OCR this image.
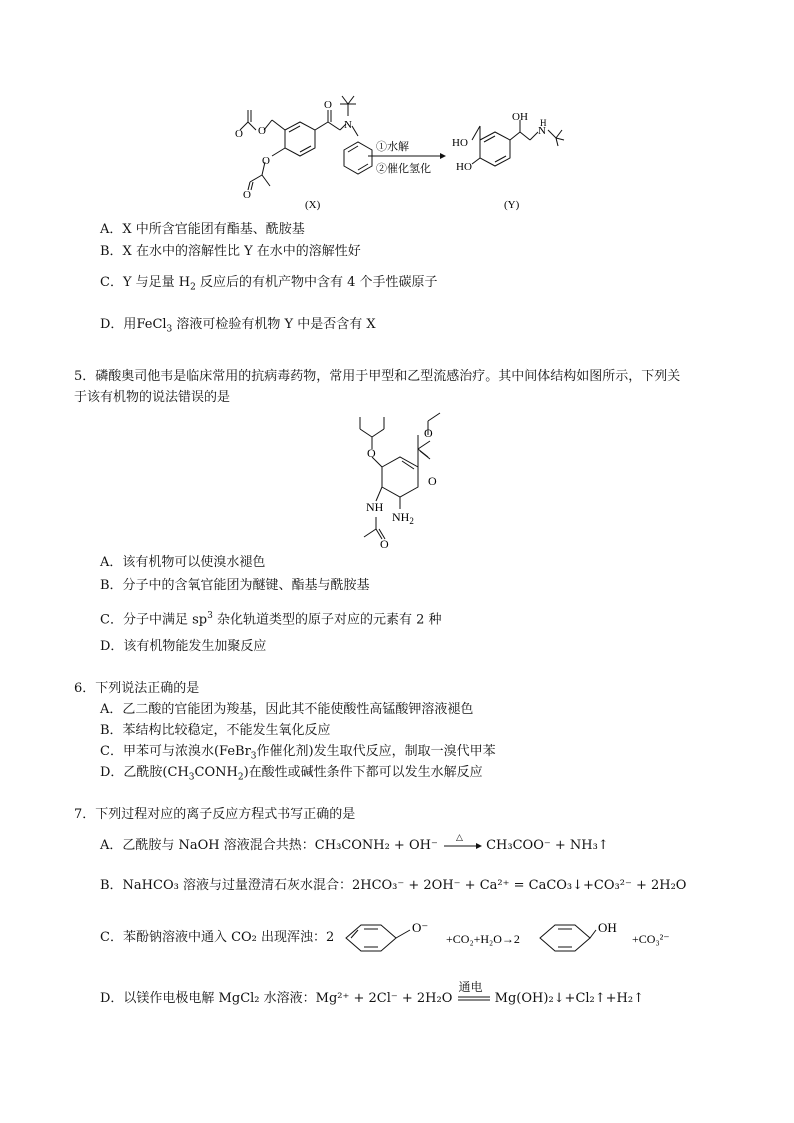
O
O
O
O
O
N
①水解
②催化氢化
HO
HO
OH
N
H
(X)	(Y)
A．X 中所含官能团有酯基、酰胺基
B．X 在水中的溶解性比 Y 在水中的溶解性好
C．Y 与足量 $H_2$ 反应后的有机产物中含有 4 个手性碳原子
D．用FeCl$_3$ 溶液可检验有机物 Y 中是否含有 X
5．磷酸奥司他韦是临床常用的抗病毒药物，常用于甲型和乙型流感治疗。其中间体结构如图所示，下列关
于该有机物的说法错误的是
O
O
O
NH
$NH_2$
O
A．该有机物可以使溴水褪色
B．分子中的含氧官能团为醚键、酯基与酰胺基
C．分子中满足 $sp^3$ 杂化轨道类型的原子对应的元素有 2 种
D．该有机物能发生加聚反应
6．下列说法正确的是
A．乙二酸的官能团为羧基，因此其不能使酸性高锰酸钾溶液褪色
B．苯结构比较稳定，不能发生氧化反应
C．甲苯可与浓溴水(FeBr$_3$作催化剂)发生取代反应，制取一溴代甲苯
D．乙酰胺$(CH_3CONH_2)$在酸性或碱性条件下都可以发生水解反应
7．下列过程对应的离子反应方程式书写正确的是
A．乙酰胺与 NaOH 溶液混合共热：CH₃CONH₂ + OH⁻
△
CH₃COO⁻ + NH₃↑
B．NaHCO₃ 溶液与过量澄清石灰水混合：2HCO₃⁻ + 2OH⁻ + Ca²⁺ = CaCO₃↓+CO₃²⁻ + 2H₂O
C．苯酚钠溶液中通入 CO₂ 出现浑浊：2
O⁻
+CO₂+H₂O→2
OH
+CO₃²⁻
D．以镁作电极电解 MgCl₂ 水溶液：Mg²⁺ + 2Cl⁻ + 2H₂O
通电
Mg(OH)₂↓+Cl₂↑+H₂↑
